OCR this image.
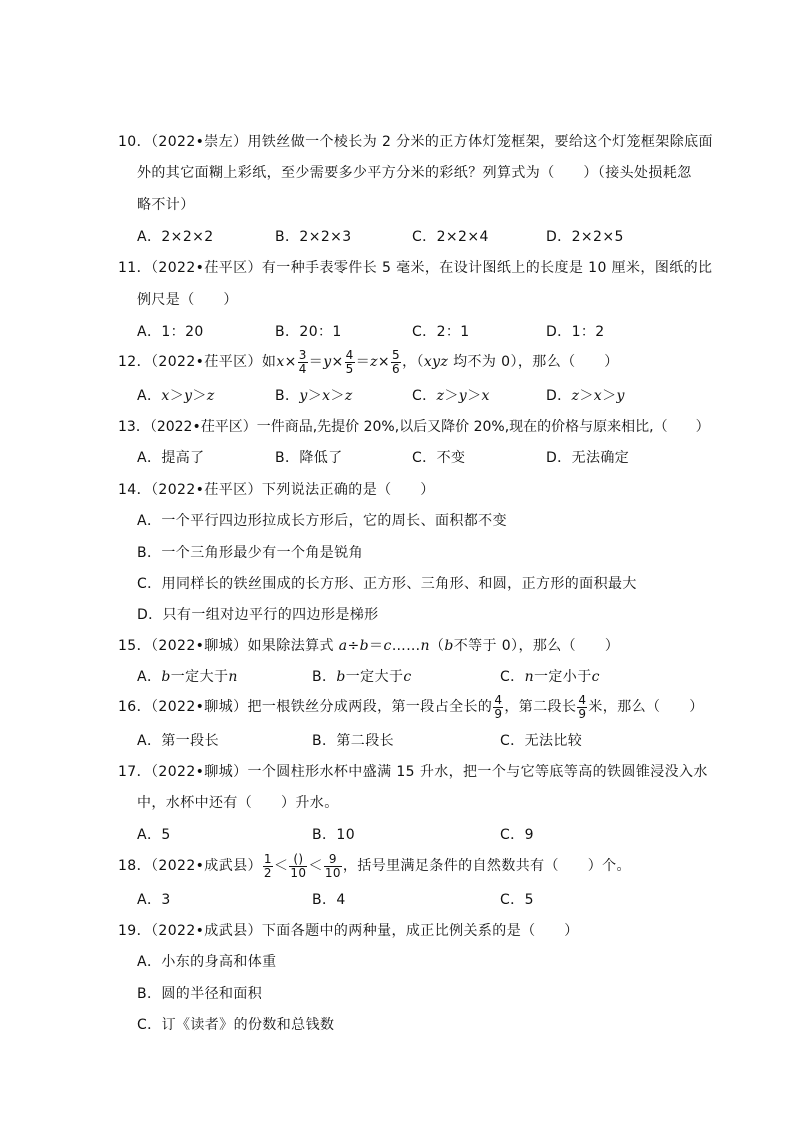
10．（2022•崇左）用铁丝做一个棱长为 2 分米的正方体灯笼框架，要给这个灯笼框架除底面
外的其它面糊上彩纸，至少需要多少平方分米的彩纸？列算式为（　　）（接头处损耗忽
略不计）
A．2×2×2	B．2×2×3	C．2×2×4	D．2×2×5
11．（2022•茌平区）有一种手表零件长 5 毫米，在设计图纸上的长度是 10 厘米，图纸的比
例尺是（　　）
A．1：20	B．20：1	C．2：1	D．1：2
12．（2022•茌平区）如$x\times \frac{3}{4} =y\times \frac{4}{5} =z\times \frac{5}{6}$ ，（xyz 均不为 0），那么（　　）
A．x＞y＞z	B．y＞x＞z	C．z＞y＞x	D．z＞x＞y
13．（2022•茌平区）一件商品,先提价 20%,以后又降价 20%,现在的价格与原来相比,（　　）
A．提高了	B．降低了	C．不变	D．无法确定
14．（2022•茌平区）下列说法正确的是（　　）
A．一个平行四边形拉成长方形后，它的周长、面积都不变
B．一个三角形最少有一个角是锐角
C．用同样长的铁丝围成的长方形、正方形、三角形、和圆，正方形的面积最大
D．只有一组对边平行的四边形是梯形
15．（2022•聊城）如果除法算式 a÷b＝c……n（b不等于 0），那么（　　）
A．b一定大于n	B．b一定大于c	C．n一定小于c
16．（2022•聊城）把一根铁丝分成两段，第一段占全长的 $\frac{4}{9}$ ，第二段长 $\frac{4}{9}$ 米，那么（　　）
A．第一段长	B．第二段长	C．无法比较
17．（2022•聊城）一个圆柱形水杯中盛满 15 升水，把一个与它等底等高的铁圆锥浸没入水
中，水杯中还有（　　）升水。
A．5	B．10	C．9
18．（2022•成武县） $\frac{1}{2} < \frac{()}{10} < \frac{9}{10}$ ，括号里满足条件的自然数共有（　　）个。
A．3	B．4	C．5
19．（2022•成武县）下面各题中的两种量，成正比例关系的是（　　）
A．小东的身高和体重
B．圆的半径和面积
C．订《读者》的份数和总钱数
